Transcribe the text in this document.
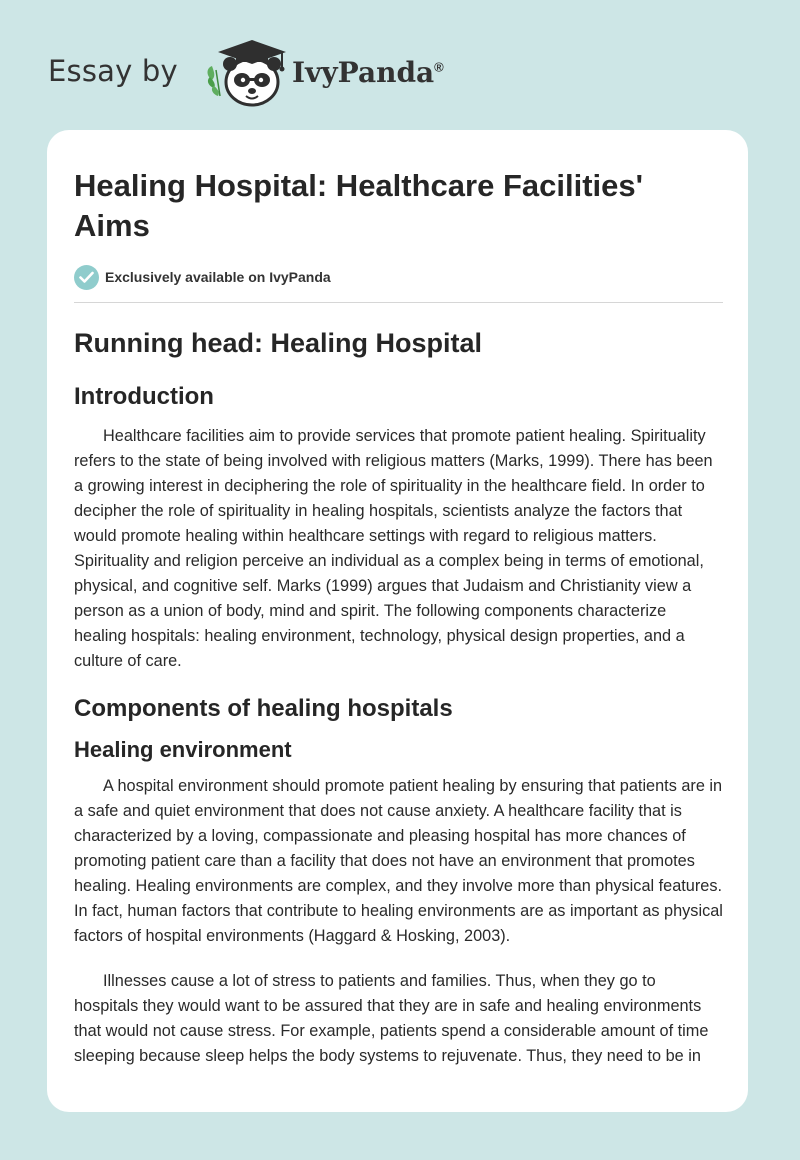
Essay by	IvyPanda®
Healing Hospital: Healthcare Facilities' Aims
Exclusively available on IvyPanda
Running head: Healing Hospital
Introduction

Healthcare facilities aim to provide services that promote patient healing. Spirituality refers to the state of being involved with religious matters (Marks, 1999). There has been a growing interest in deciphering the role of spirituality in the healthcare field. In order to decipher the role of spirituality in healing hospitals, scientists analyze the factors that would promote healing within healthcare settings with regard to religious matters. Spirituality and religion perceive an individual as a complex being in terms of emotional, physical, and cognitive self. Marks (1999) argues that Judaism and Christianity view a person as a union of body, mind and spirit. The following components characterize healing hospitals: healing environment, technology, physical design properties, and a culture of care.

Components of healing hospitals
Healing environment

A hospital environment should promote patient healing by ensuring that patients are in a safe and quiet environment that does not cause anxiety. A healthcare facility that is characterized by a loving, compassionate and pleasing hospital has more chances of promoting patient care than a facility that does not have an environment that promotes healing. Healing environments are complex, and they involve more than physical features. In fact, human factors that contribute to healing environments are as important as physical factors of hospital environments (Haggard & Hosking, 2003).

Illnesses cause a lot of stress to patients and families. Thus, when they go to hospitals they would want to be assured that they are in safe and healing environments that would not cause stress. For example, patients spend a considerable amount of time sleeping because sleep helps the body systems to rejuvenate. Thus, they need to be in
